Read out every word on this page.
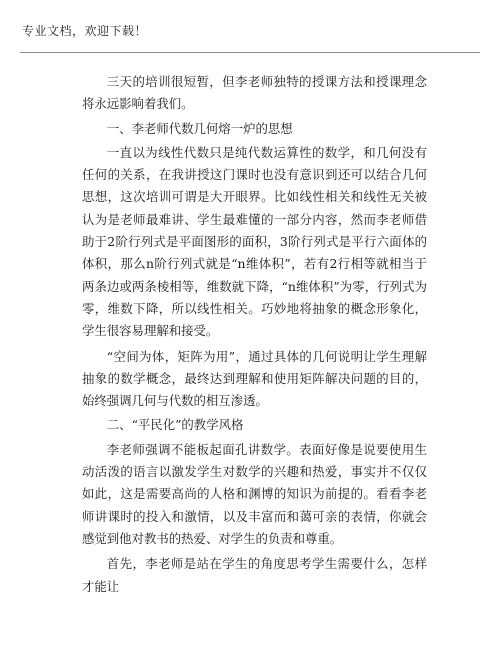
专业文档，欢迎下载！

三天的培训很短暂，但李老师独特的授课方法和授课理念将永远影响着我们。

一、李老师代数几何熔一炉的思想

一直以为线性代数只是纯代数运算性的数学，和几何没有任何的关系，在我讲授这门课时也没有意识到还可以结合几何思想，这次培训可谓是大开眼界。比如线性相关和线性无关被认为是老师最难讲、学生最难懂的一部分内容，然而李老师借助于2阶行列式是平面图形的面积，3阶行列式是平行六面体的体积，那么n阶行列式就是“n维体积”，若有2行相等就相当于两条边或两条棱相等，维数就下降，“n维体积”为零，行列式为零，维数下降，所以线性相关。巧妙地将抽象的概念形象化，学生很容易理解和接受。

“空间为体，矩阵为用”，通过具体的几何说明让学生理解抽象的数学概念，最终达到理解和使用矩阵解决问题的目的，始终强调几何与代数的相互渗透。

二、“平民化”的教学风格

李老师强调不能板起面孔讲数学。表面好像是说要使用生动活泼的语言以激发学生对数学的兴趣和热爱，事实并不仅仅如此，这是需要高尚的人格和渊博的知识为前提的。看看李老师讲课时的投入和激情，以及丰富而和蔼可亲的表情，你就会感觉到他对教书的热爱、对学生的负责和尊重。

首先，李老师是站在学生的角度思考学生需要什么，怎样才能让
